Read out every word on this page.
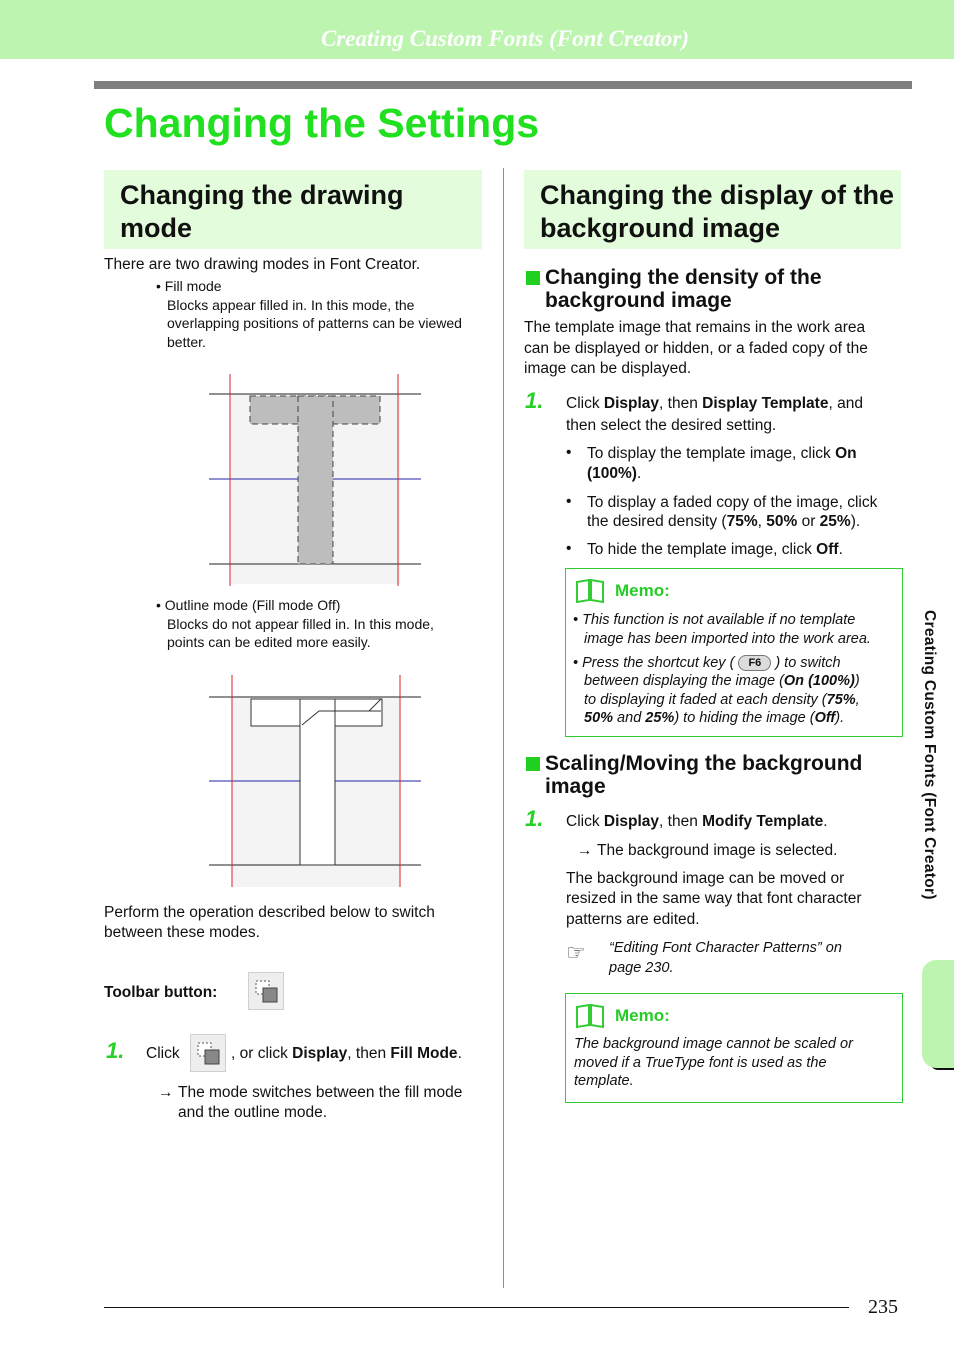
Creating Custom Fonts (Font Creator)
Changing the Settings
Changing the drawing
mode
There are two drawing modes in Font Creator.
• Fill mode
Blocks appear filled in. In this mode, the
overlapping positions of patterns can be viewed
better.
• Outline mode (Fill mode Off)
Blocks do not appear filled in. In this mode,
points can be edited more easily.
Perform the operation described below to switch
between these modes.
Toolbar button:
1. Click	, or click Display, then Fill Mode.
→ The mode switches between the fill mode
and the outline mode.
Changing the display of the
background image
Changing the density of the
background image
The template image that remains in the work area
can be displayed or hidden, or a faded copy of the
image can be displayed.
1. Click Display, then Display Template, and
then select the desired setting.
• To display the template image, click On
(100%).
• To display a faded copy of the image, click
the desired density (75%, 50% or 25%).
• To hide the template image, click Off.
Memo:
• This function is not available if no template
image has been imported into the work area.
• Press the shortcut key ( F6 ) to switch
between displaying the image (On (100%))
to displaying it faded at each density (75%,
50% and 25%) to hiding the image (Off).
Scaling/Moving the background
image
1. Click Display, then Modify Template.
→ The background image is selected.
The background image can be moved or
resized in the same way that font character
patterns are edited.
☞ “Editing Font Character Patterns” on
page 230.
Memo:
The background image cannot be scaled or
moved if a TrueType font is used as the
template.
Creating Custom Fonts (Font Creator)
235
